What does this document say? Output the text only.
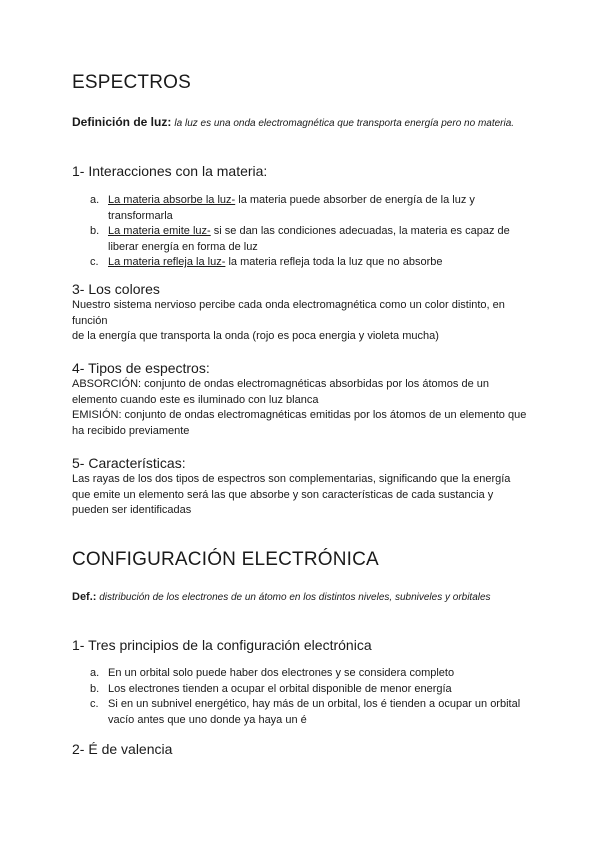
ESPECTROS

Definición de luz: la luz es una onda electromagnética que transporta energía pero no materia.

1- Interacciones con la materia:
a. La materia absorbe la luz- la materia puede absorber de energía de la luz y transformarla
b. La materia emite luz- si se dan las condiciones adecuadas, la materia es capaz de liberar energía en forma de luz
c. La materia refleja la luz- la materia refleja toda la luz que no absorbe
3- Los colores

Nuestro sistema nervioso percibe cada onda electromagnética como un color distinto, en función
de la energía que transporta la onda (rojo es poca energia y violeta mucha)

4- Tipos de espectros:

ABSORCIÓN: conjunto de ondas electromagnéticas absorbidas por los átomos de un elemento cuando este es iluminado con luz blanca

EMISIÓN: conjunto de ondas electromagnéticas emitidas por los átomos de un elemento que ha recibido previamente

5- Características:

Las rayas de los dos tipos de espectros son complementarias, significando que la energía que emite un elemento será las que absorbe y son características de cada sustancia y pueden ser identificadas

CONFIGURACIÓN ELECTRÓNICA

Def.: distribución de los electrones de un átomo en los distintos niveles, subniveles y orbitales

1- Tres principios de la configuración electrónica
a. En un orbital solo puede haber dos electrones y se considera completo
b. Los electrones tienden a ocupar el orbital disponible de menor energía
c. Si en un subnivel energético, hay más de un orbital, los é tienden a ocupar un orbital vacío antes que uno donde ya haya un é
2- É de valencia
